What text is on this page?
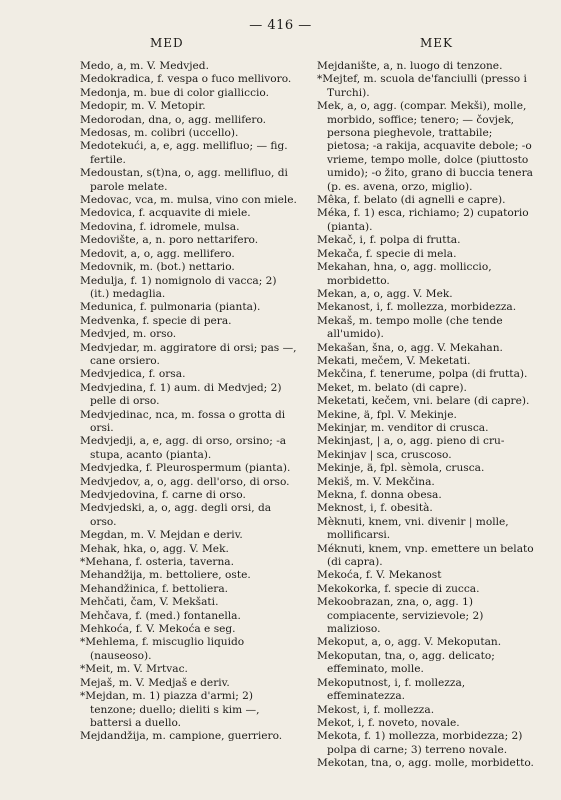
— 416 —
MED	MEK

Medo, a, m. V. Medvjed.

Medokradica, f. vespa o fuco mellivoro.

Medonja, m. bue di color gialliccio.

Medopir, m. V. Metopir.

Medorodan, dna, o, agg. mellifero.

Medosas, m. colibri (uccello).

Medotekući, a, e, agg. mellifluo; — fig. fertile.

Medoustan, s(t)na, o, agg. mellifluo, di parole melate.

Medovac, vca, m. mulsa, vino con miele.

Medovica, f. acquavite di miele.

Medovina, f. idromele, mulsa.

Medovište, a, n. poro nettarifero.

Medovit, a, o, agg. mellifero.

Medovnik, m. (bot.) nettario.

Medulja, f. 1) nomignolo di vacca; 2) (it.) medaglia.

Medunica, f. pulmonaria (pianta).

Medvenka, f. specie di pera.

Medvjed, m. orso.

Medvjedar, m. aggiratore di orsi; pas —, cane orsiero.

Medvjedica, f. orsa.

Medvjedina, f. 1) aum. di Medvjed; 2) pelle di orso.

Medvjedinac, nca, m. fossa o grotta di orsi.

Medvjedji, a, e, agg. di orso, orsino; -a stupa, acanto (pianta).

Medvjedka, f. Pleurospermum (pianta).

Medvjedov, a, o, agg. dell'orso, di orso.

Medvjedovina, f. carne di orso.

Medvjedski, a, o, agg. degli orsi, da orso.

Megdan, m. V. Mejdan e deriv.

Mehak, hka, o, agg. V. Mek.

*Mehana, f. osteria, taverna.

Mehandžija, m. bettoliere, oste.

Mehandžinica, f. bettoliera.

Mehčati, čam, V. Mekšati.

Mehčava, f. (med.) fontanella.

Mehkoća, f. V. Mekoća e seg.

*Mehlema, f. miscuglio liquido (nauseoso).

*Meit, m. V. Mrtvac.

Mejaš, m. V. Medjaš e deriv.

*Mejdan, m. 1) piazza d'armi; 2) tenzone; duello; dieliti s kim —, battersi a duello.

Mejdandžija, m. campione, guerriero.

Mejdanište, a, n. luogo di tenzone.

*Mejtef, m. scuola de'fanciulli (presso i Turchi).

Mek, a, o, agg. (compar. Mekši), molle, morbido, soffice; tenero; — čovjek, persona pieghevole, trattabile; pietosa; -a rakija, acquavite debole; -o vrieme, tempo molle, dolce (piuttosto umido); -o žito, grano di buccia tenera (p. es. avena, orzo, miglio).

Mêka, f. belato (di agnelli e capre).

Méka, f. 1) esca, richiamo; 2) cupatorio (pianta).

Mekač, i, f. polpa di frutta.

Mekača, f. specie di mela.

Mekahan, hna, o, agg. molliccio, morbidetto.

Mekan, a, o, agg. V. Mek.

Mekanost, i, f. mollezza, morbidezza.

Mekaš, m. tempo molle (che tende all'umido).

Mekašan, šna, o, agg. V. Mekahan.

Mekati, mečem, V. Meketati.

Mekčina, f. tenerume, polpa (di frutta).

Meket, m. belato (di capre).

Meketati, kečem, vni. belare (di capre).

Mekine, ä, fpl. V. Mekinje.

Mekinjar, m. venditor di crusca.

Mekinjast, | a, o, agg. pieno di cru-

Mekinjav | sca, cruscoso.

Mekinje, ä, fpl. sèmola, crusca.

Mekiš, m. V. Mekčina.

Mekna, f. donna obesa.

Meknost, i, f. obesità.

Mèknuti, knem, vni. divenir | molle, mollificarsi.

Méknuti, knem, vnp. emettere un belato (di capra).

Mekoća, f. V. Mekanost

Mekokorka, f. specie di zucca.

Mekoobrazan, zna, o, agg. 1) compiacente, servizievole; 2) malizioso.

Mekoput, a, o, agg. V. Mekoputan.

Mekoputan, tna, o, agg. delicato; effeminato, molle.

Mekoputnost, i, f. mollezza, effeminatezza.

Mekost, i, f. mollezza.

Mekot, i, f. noveto, novale.

Mekota, f. 1) mollezza, morbidezza; 2) polpa di carne; 3) terreno novale.

Mekotan, tna, o, agg. molle, morbidetto.
